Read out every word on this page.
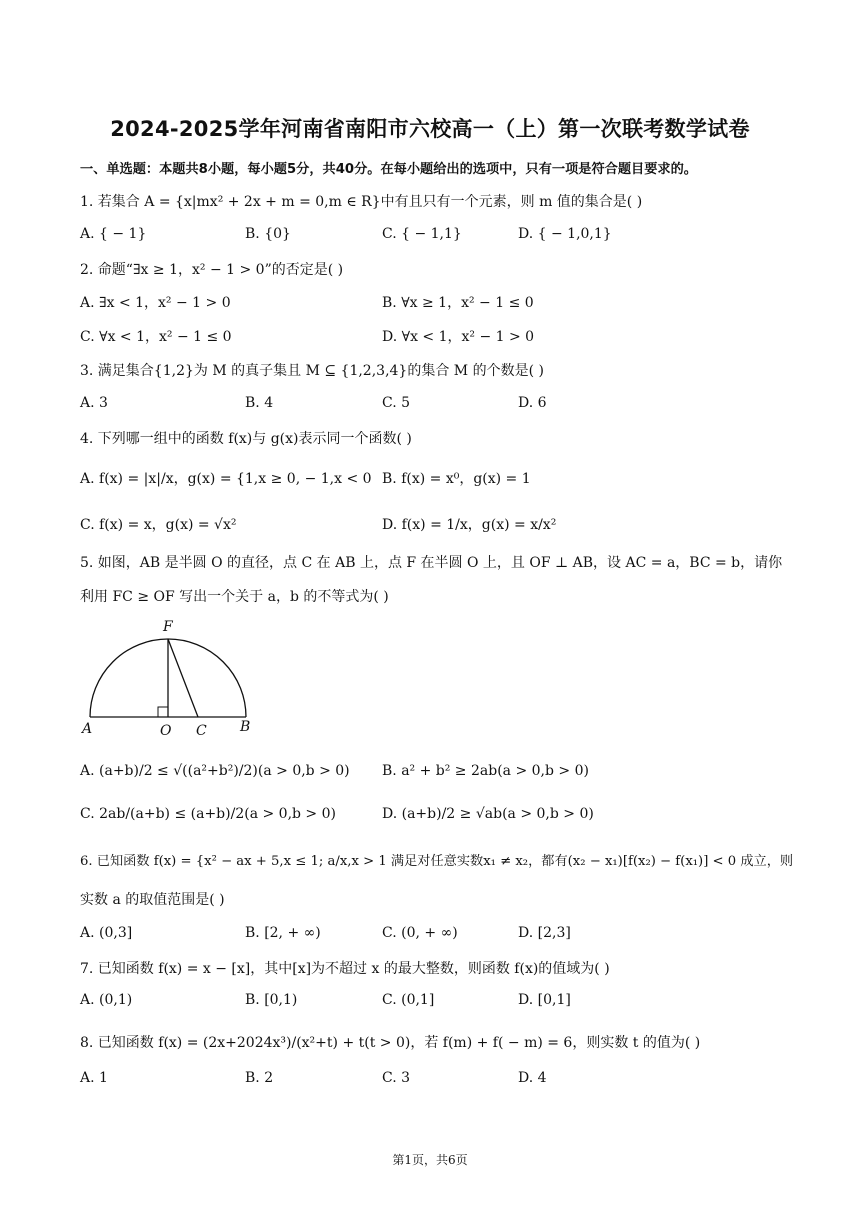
2024-2025学年河南省南阳市六校高一（上）第一次联考数学试卷
一、单选题：本题共8小题，每小题5分，共40分。在每小题给出的选项中，只有一项是符合题目要求的。
1. 若集合 A = {x|mx² + 2x + m = 0,m ∈ R}中有且只有一个元素，则 m 值的集合是( )
A. { − 1}	B. {0}	C. { − 1,1}	D. { − 1,0,1}
2. 命题“∃x ≥ 1，x² − 1 > 0”的否定是( )
A. ∃x < 1，x² − 1 > 0	B. ∀x ≥ 1，x² − 1 ≤ 0
C. ∀x < 1，x² − 1 ≤ 0	D. ∀x < 1，x² − 1 > 0
3. 满足集合{1,2}为 M 的真子集且 M ⊆ {1,2,3,4}的集合 M 的个数是( )
A. 3	B. 4	C. 5	D. 6
4. 下列哪一组中的函数 f(x)与 g(x)表示同一个函数( )
A. f(x) = |x|/x，g(x) = {1,x ≥ 0, − 1,x < 0 B. f(x) = x⁰，g(x) = 1
C. f(x) = x，g(x) = √x²	D. f(x) = 1/x，g(x) = x/x²
5. 如图，AB 是半圆 O 的直径，点 C 在 AB 上，点 F 在半圆 O 上，且 OF ⊥ AB，设 AC = a，BC = b，请你
利用 FC ≥ OF 写出一个关于 a，b 的不等式为( )
F
A	O C B
A. (a+b)/2 ≤ √((a²+b²)/2)(a > 0,b > 0) B. a² + b² ≥ 2ab(a > 0,b > 0)
C. 2ab/(a+b) ≤ (a+b)/2(a > 0,b > 0)	D. (a+b)/2 ≥ √ab(a > 0,b > 0)
6. 已知函数 f(x) = {x² − ax + 5,x ≤ 1; a/x,x > 1 满足对任意实数x₁ ≠ x₂，都有(x₂ − x₁)[f(x₂) − f(x₁)] < 0 成立，则
实数 a 的取值范围是( )
A. (0,3]	B. [2, + ∞)	C. (0, + ∞)	D. [2,3]
7. 已知函数 f(x) = x − [x]，其中[x]为不超过 x 的最大整数，则函数 f(x)的值域为( )
A. (0,1)	B. [0,1)	C. (0,1]	D. [0,1]
8. 已知函数 f(x) = (2x+2024x³)/(x²+t) + t(t > 0)，若 f(m) + f( − m) = 6，则实数 t 的值为( )
A. 1	B. 2	C. 3	D. 4
第1页，共6页
